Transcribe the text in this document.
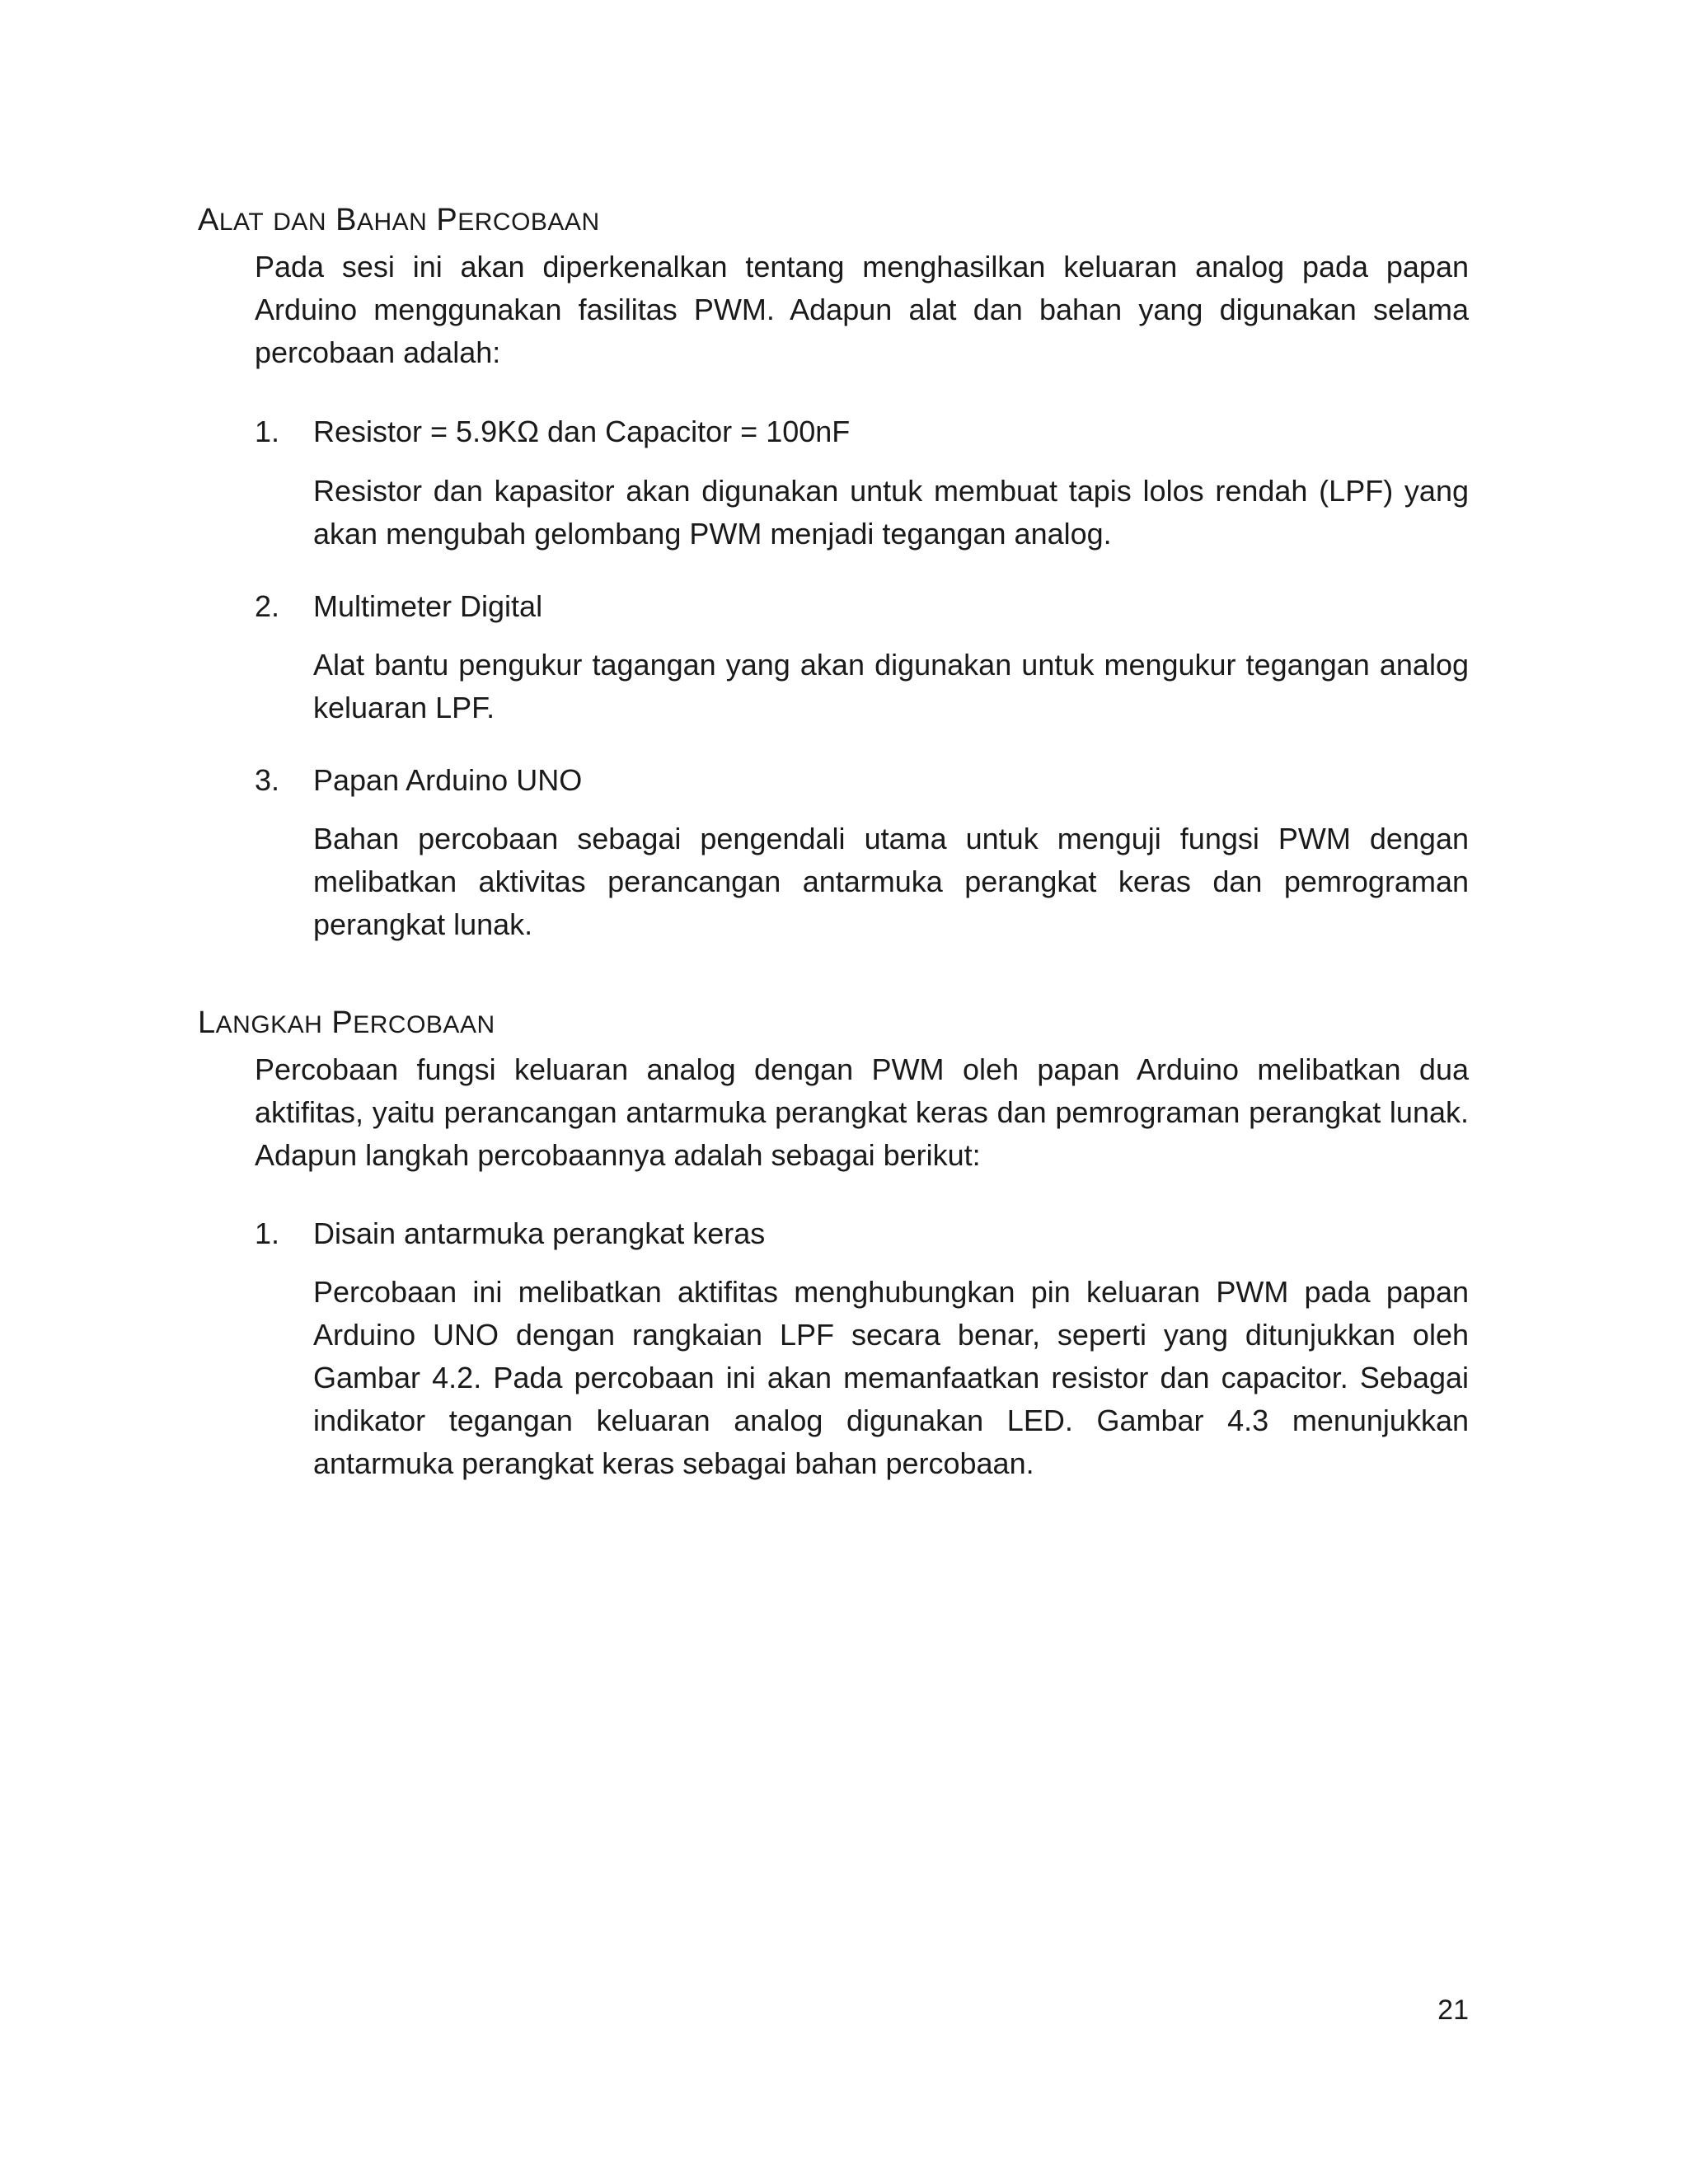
ALAT DAN BAHAN PERCOBAAN
Pada sesi ini akan diperkenalkan tentang menghasilkan keluaran analog pada papan Arduino menggunakan fasilitas PWM. Adapun alat dan bahan yang digunakan selama percobaan adalah:
1. Resistor = 5.9KΩ dan Capacitor = 100nF
Resistor dan kapasitor akan digunakan untuk membuat tapis lolos rendah (LPF) yang akan mengubah gelombang PWM menjadi tegangan analog.
2. Multimeter Digital
Alat bantu pengukur tagangan yang akan digunakan untuk mengukur tegangan analog keluaran LPF.
3. Papan Arduino UNO
Bahan percobaan sebagai pengendali utama untuk menguji fungsi PWM dengan melibatkan aktivitas perancangan antarmuka perangkat keras dan pemrograman perangkat lunak.
LANGKAH PERCOBAAN
Percobaan fungsi keluaran analog dengan PWM oleh papan Arduino melibatkan dua aktifitas, yaitu perancangan antarmuka perangkat keras dan pemrograman perangkat lunak. Adapun langkah percobaannya adalah sebagai berikut:
1. Disain antarmuka perangkat keras
Percobaan ini melibatkan aktifitas menghubungkan pin keluaran PWM pada papan Arduino UNO dengan rangkaian LPF secara benar, seperti yang ditunjukkan oleh Gambar 4.2. Pada percobaan ini akan memanfaatkan resistor dan capacitor. Sebagai indikator tegangan keluaran analog digunakan LED. Gambar 4.3 menunjukkan antarmuka perangkat keras sebagai bahan percobaan.
21
